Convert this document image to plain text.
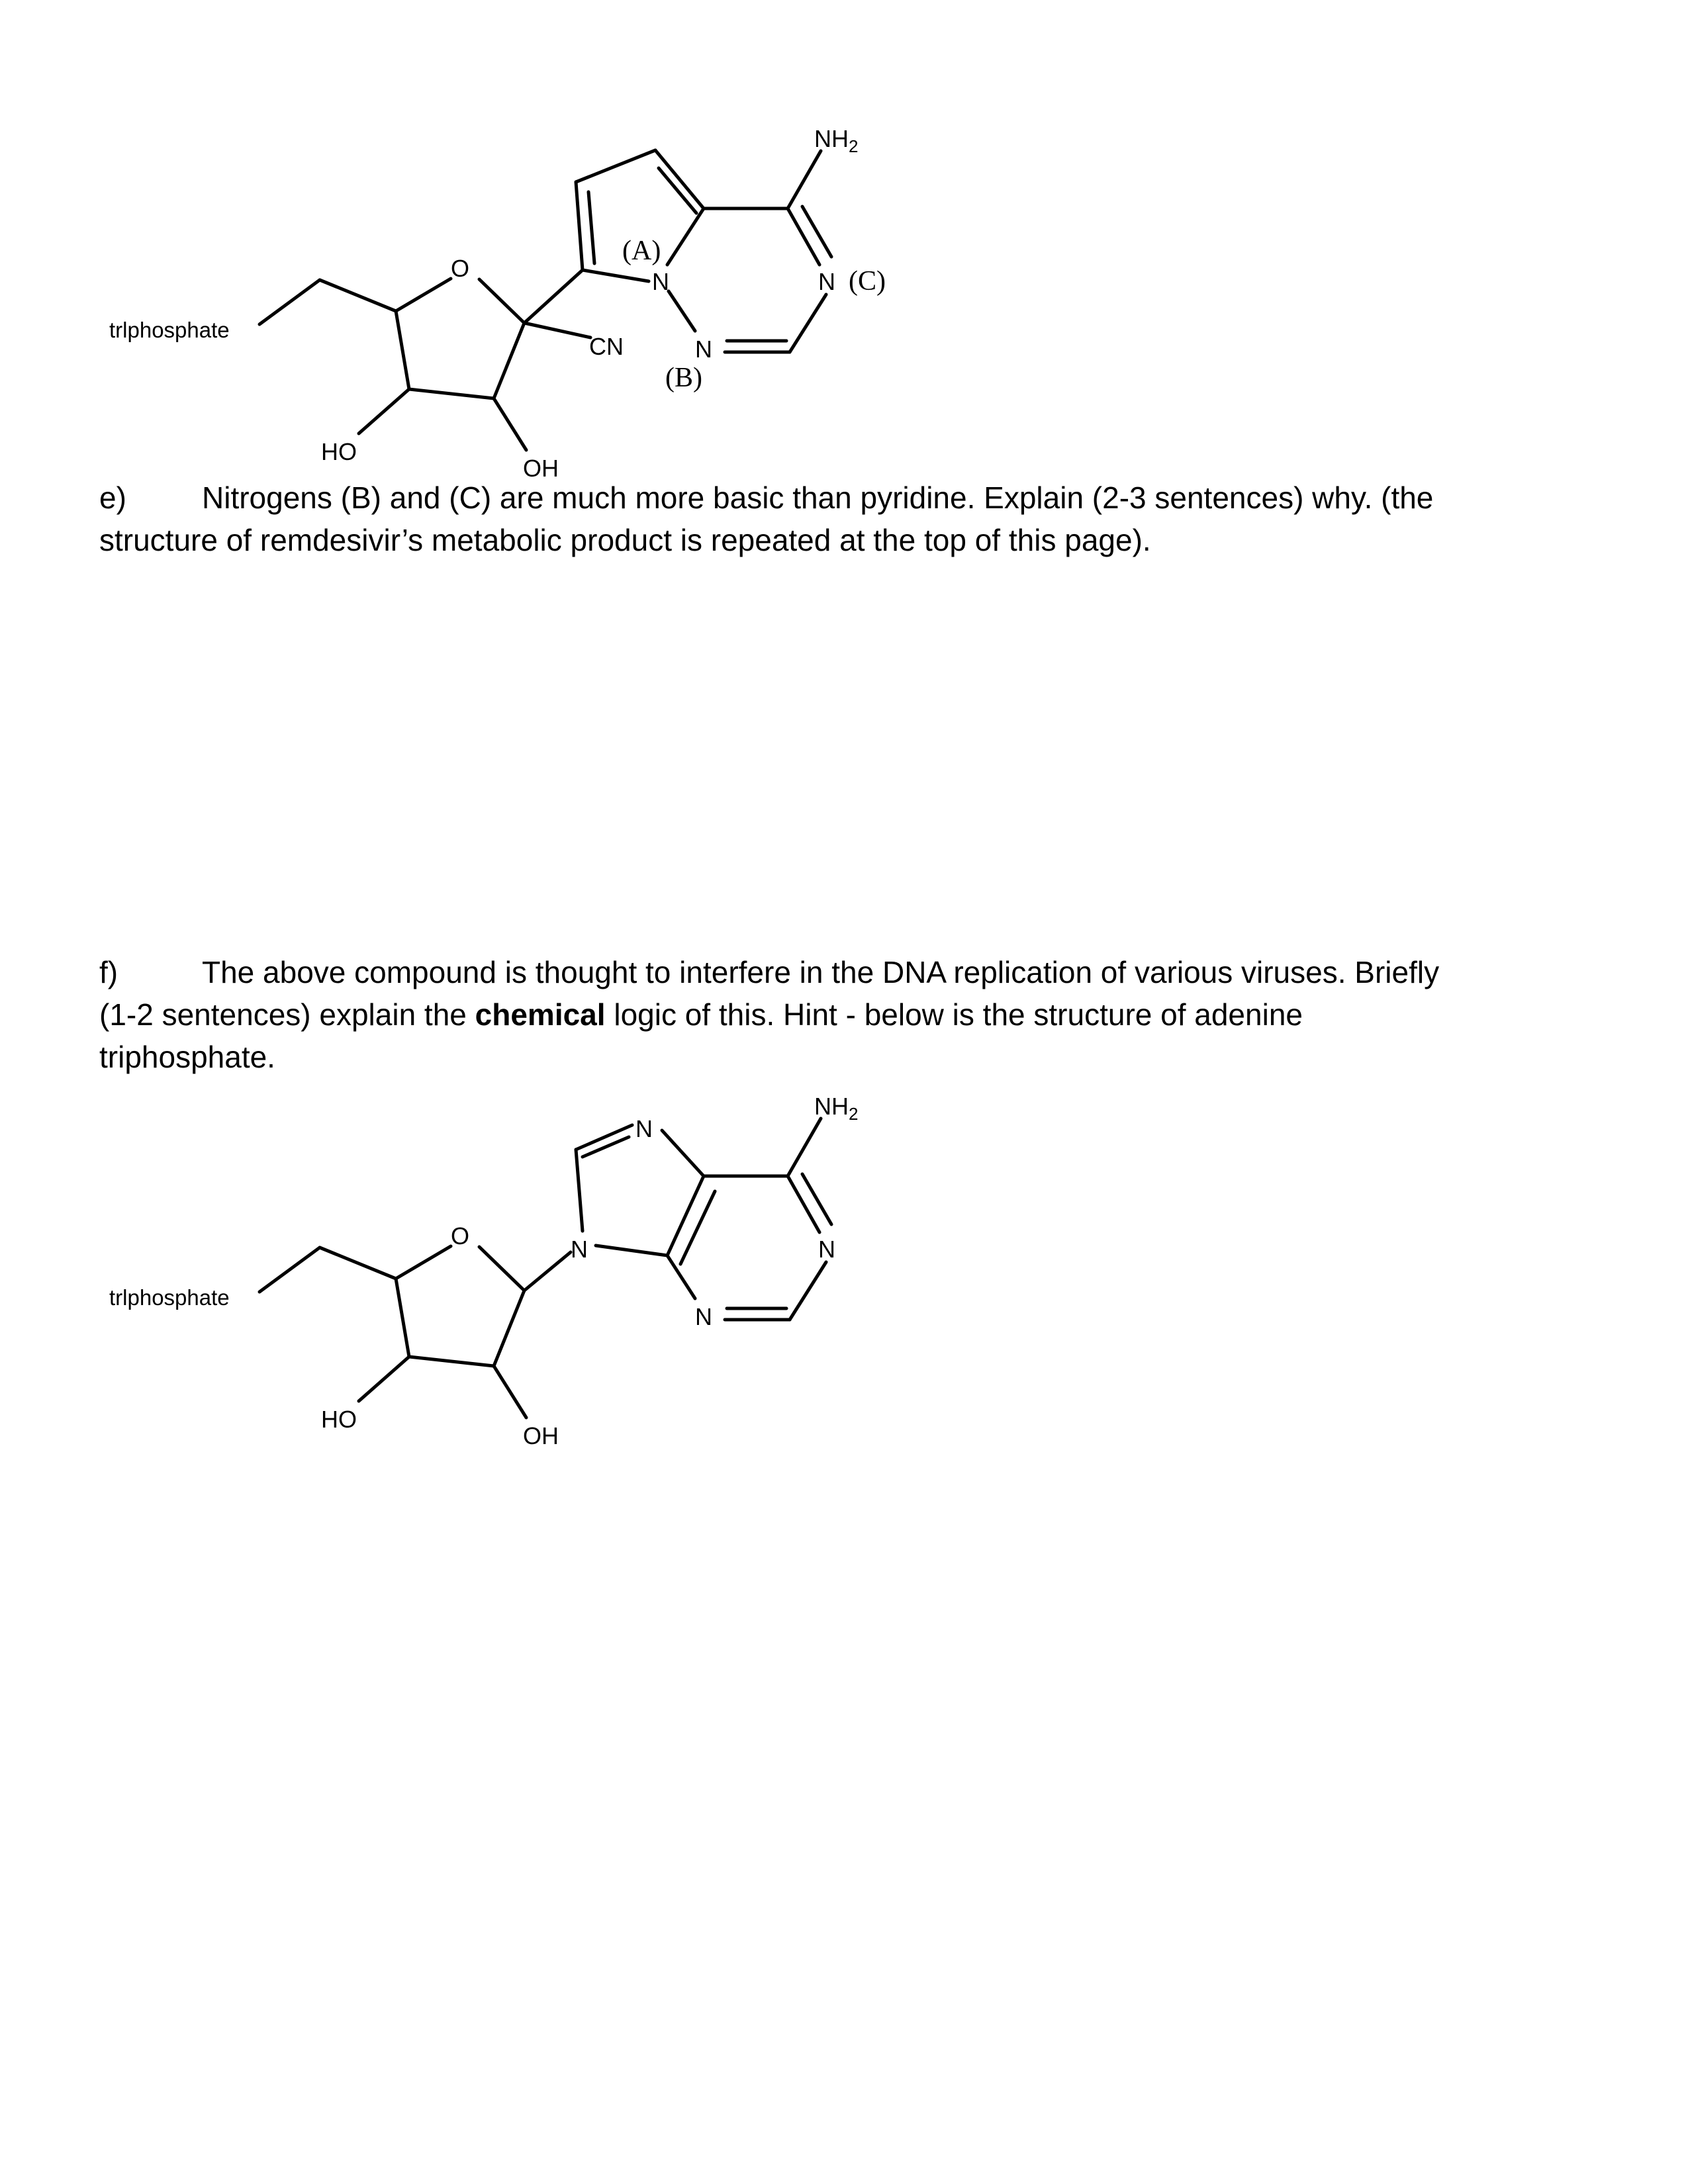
trlphosphate
O
CN
HO
OH
(A)
N
N
(B)
N (C)
$NH_2$
e) Nitrogens (B) and (C) are much more basic than pyridine. Explain (2-3 sentences) why. (the
structure of remdesivir’s metabolic product is repeated at the top of this page).
f)	The above compound is thought to interfere in the DNA replication of various viruses. Briefly
(1-2 sentences) explain the chemical logic of this. Hint - below is the structure of adenine
triphosphate.
trlphosphate
O
HO
OH
N
N	N
N
$NH_2$
